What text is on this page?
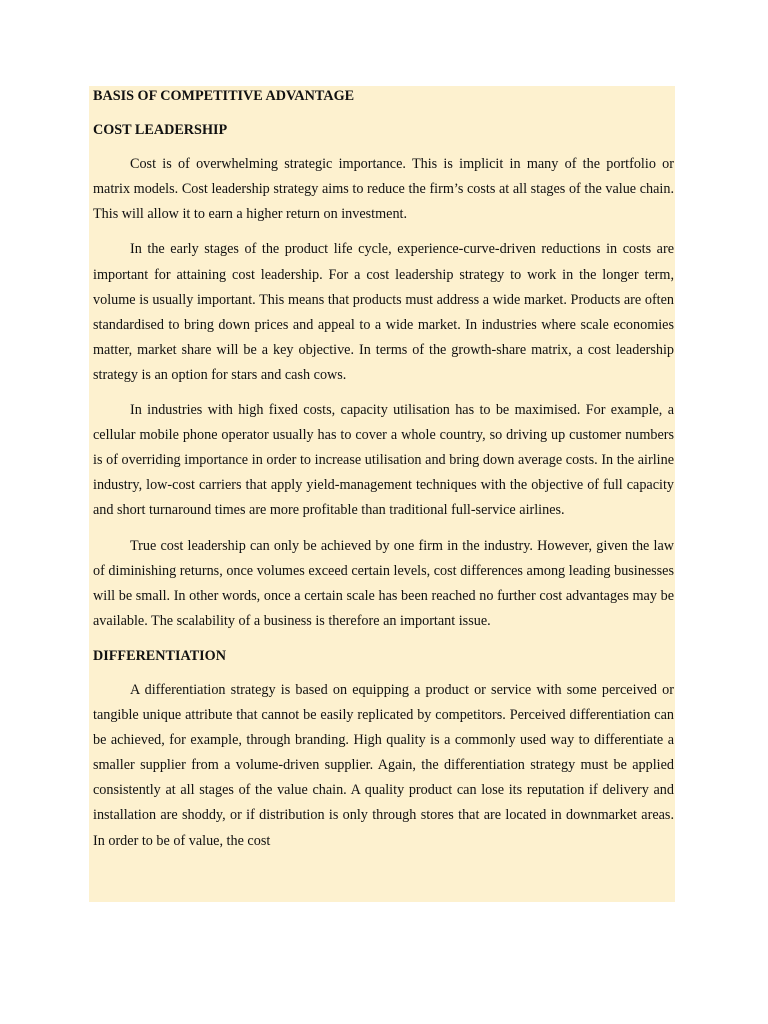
BASIS OF COMPETITIVE ADVANTAGE
COST LEADERSHIP

Cost is of overwhelming strategic importance. This is implicit in many of the portfolio or matrix models. Cost leadership strategy aims to reduce the firm’s costs at all stages of the value chain. This will allow it to earn a higher return on investment.

In the early stages of the product life cycle, experience-curve-driven reductions in costs are important for attaining cost leadership. For a cost leadership strategy to work in the longer term, volume is usually important. This means that products must address a wide market. Products are often standardised to bring down prices and appeal to a wide market. In industries where scale economies matter, market share will be a key objective. In terms of the growth-share matrix, a cost leadership strategy is an option for stars and cash cows.

In industries with high fixed costs, capacity utilisation has to be maximised. For example, a cellular mobile phone operator usually has to cover a whole country, so driving up customer numbers is of overriding importance in order to increase utilisation and bring down average costs. In the airline industry, low-cost carriers that apply yield-management techniques with the objective of full capacity and short turnaround times are more profitable than traditional full-service airlines.

True cost leadership can only be achieved by one firm in the industry. However, given the law of diminishing returns, once volumes exceed certain levels, cost differences among leading businesses will be small. In other words, once a certain scale has been reached no further cost advantages may be available. The scalability of a business is therefore an important issue.

DIFFERENTIATION

A differentiation strategy is based on equipping a product or service with some perceived or tangible unique attribute that cannot be easily replicated by competitors. Perceived differentiation can be achieved, for example, through branding. High quality is a commonly used way to differentiate a smaller supplier from a volume-driven supplier. Again, the differentiation strategy must be applied consistently at all stages of the value chain. A quality product can lose its reputation if delivery and installation are shoddy, or if distribution is only through stores that are located in downmarket areas. In order to be of value, the cost
